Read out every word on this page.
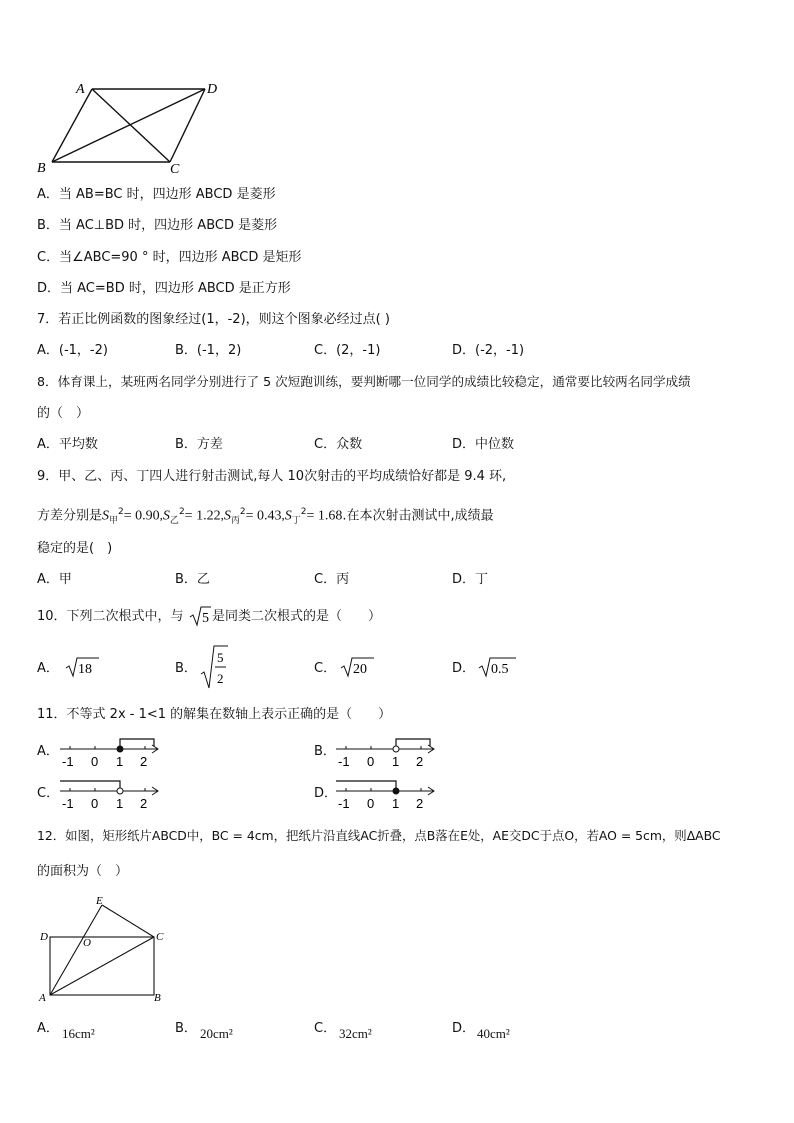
A	D
B	C
A．当 AB=BC 时，四边形 ABCD 是菱形
B．当 AC⊥BD 时，四边形 ABCD 是菱形
C．当∠ABC=90 ° 时，四边形 ABCD 是矩形
D．当 AC=BD 时，四边形 ABCD 是正方形
7．若正比例函数的图象经过(1，-2)，则这个图象必经过点( )
A．(-1，-2)	B．(-1，2)	C．(2，-1)	D．(-2，-1)
8．体育课上，某班两名同学分别进行了 5 次短跑训练，要判断哪一位同学的成绩比较稳定，通常要比较两名同学成绩
的（　）
A．平均数	B．方差	C．众数	D．中位数
9．甲、乙、丙、丁四人进行射击测试,每人 10次射击的平均成绩恰好都是 9.4 环,
方差分别是$S_甲^2= 0.90,S_乙^2= 1.22,S_丙^2= 0.43,S_丁^2= 1.68$.在本次射击测试中,成绩最
稳定的是(　)
A．甲	B．乙	C．丙	D．丁
10．下列二次根式中，与 5 是同类二次根式的是（　　）
A． 18	B．
5
2
C． 20	D． 0.5
11．不等式 2x - 1<1 的解集在数轴上表示正确的是（　　）
A．
-1 0 1 2
B．
-1 0 1 2
C．
-1 0 1 2
D．
-1 0 1 2
12．如图，矩形纸片ABCD中，BC = 4cm，把纸片沿直线AC折叠，点B落在E处，AE交DC于点O，若AO = 5cm，则ΔABC
的面积为（　）
E
D	O	C
A	B
A． 16cm²	B． 20cm²	C． 32cm²	D． 40cm²
